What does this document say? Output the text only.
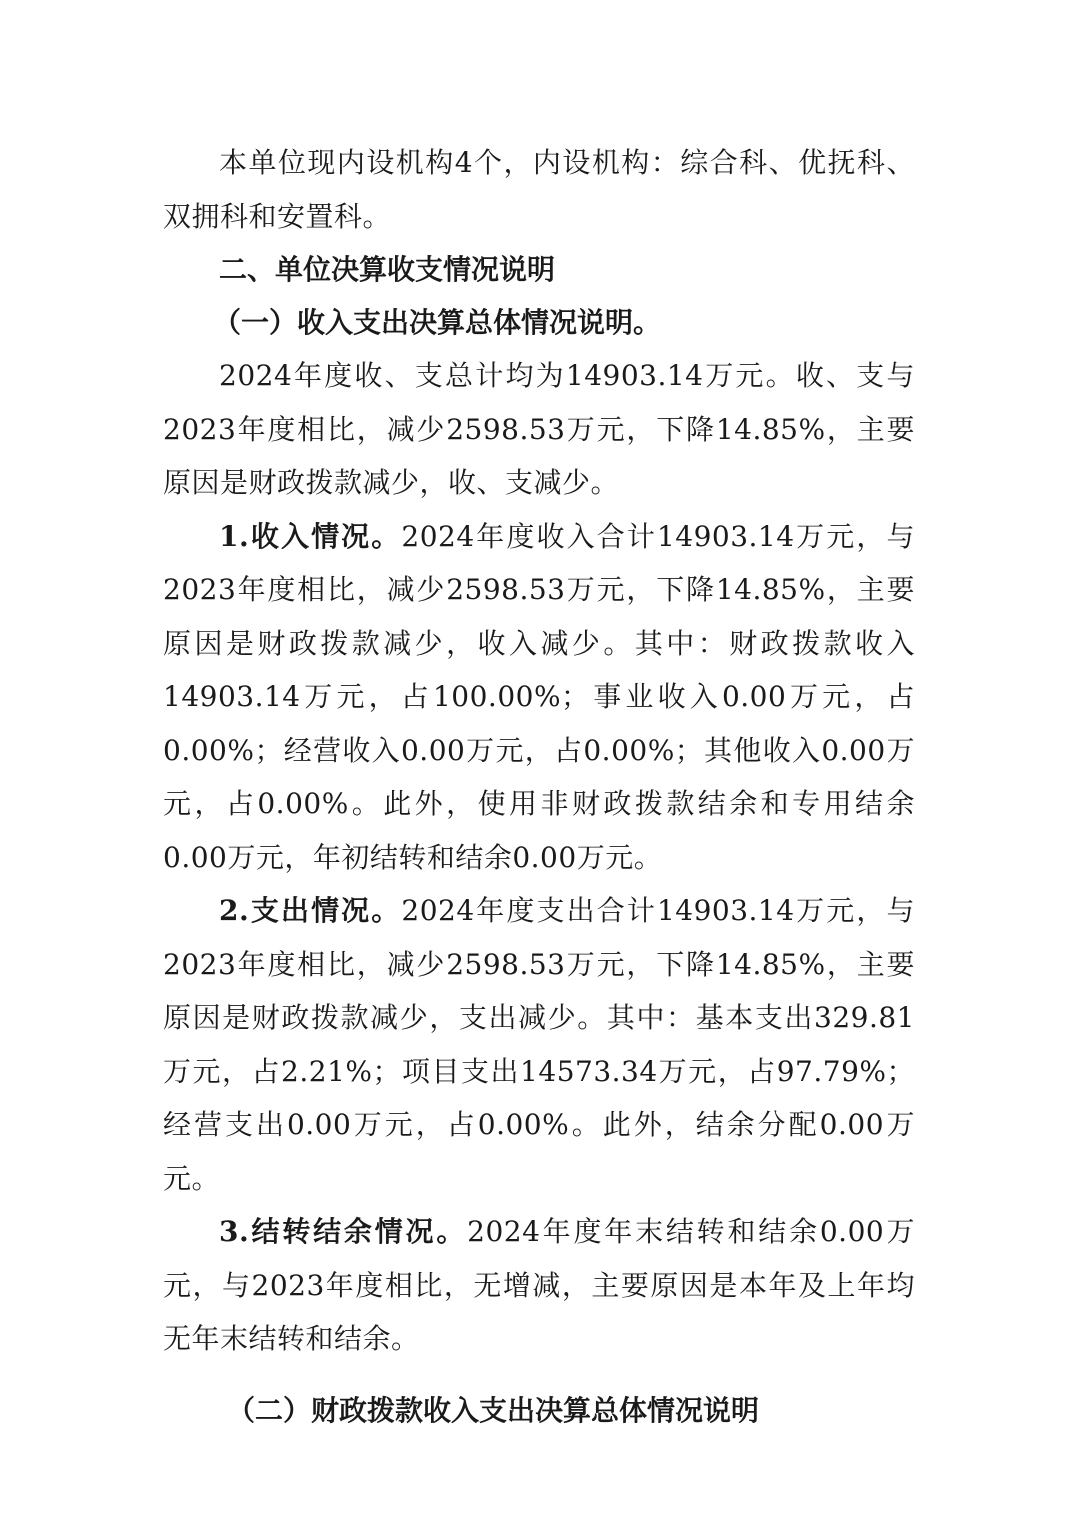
本单位现内设机构4个，内设机构：综合科、优抚科、双拥科和安置科。

二、单位决算收支情况说明

（一）收入支出决算总体情况说明。

2024年度收、支总计均为14903.14万元。收、支与2023年度相比，减少2598.53万元，下降14.85%，主要原因是财政拨款减少，收、支减少。

1.收入情况。2024年度收入合计14903.14万元，与2023年度相比，减少2598.53万元，下降14.85%，主要原因是财政拨款减少，收入减少。其中：财政拨款收入14903.14万元，占100.00%；事业收入0.00万元，占0.00%；经营收入0.00万元，占0.00%；其他收入0.00万元，占0.00%。此外，使用非财政拨款结余和专用结余0.00万元，年初结转和结余0.00万元。

2.支出情况。2024年度支出合计14903.14万元，与2023年度相比，减少2598.53万元，下降14.85%，主要原因是财政拨款减少，支出减少。其中：基本支出329.81万元，占2.21%；项目支出14573.34万元，占97.79%；经营支出0.00万元，占0.00%。此外，结余分配0.00万元。

3.结转结余情况。2024年度年末结转和结余0.00万元，与2023年度相比，无增减，主要原因是本年及上年均无年末结转和结余。

（二）财政拨款收入支出决算总体情况说明
